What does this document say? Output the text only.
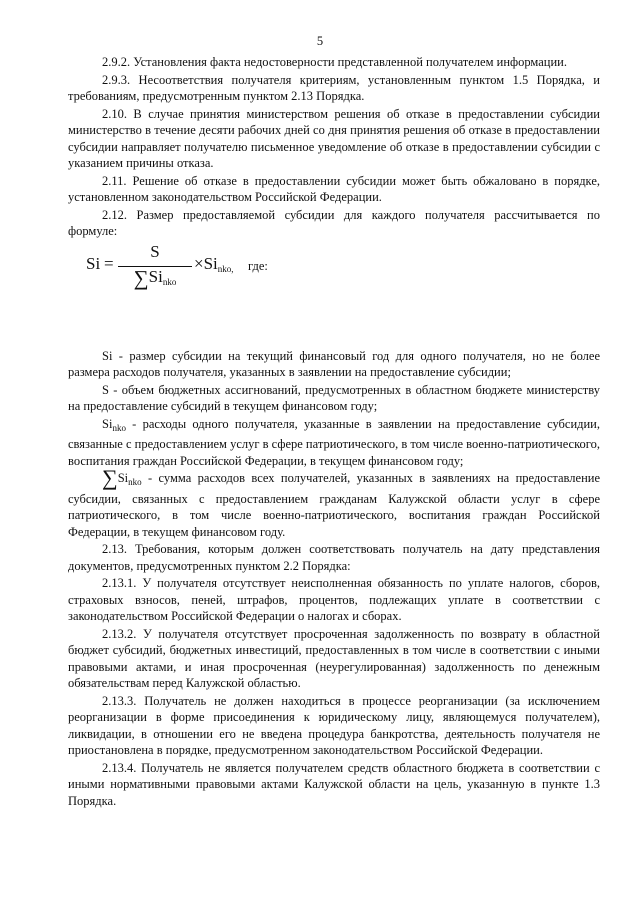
5

2.9.2. Установления факта недостоверности представленной получателем информации.

2.9.3. Несоответствия получателя критериям, установленным пунктом 1.5 Порядка, и требованиям, предусмотренным пунктом 2.13 Порядка.

2.10. В случае принятия министерством решения об отказе в предоставлении субсидии министерство в течение десяти рабочих дней со дня принятия решения об отказе в предоставлении субсидии направляет получателю письменное уведомление об отказе в предоставлении субсидии с указанием причины отказа.

2.11. Решение об отказе в предоставлении субсидии может быть обжаловано в порядке, установленном законодательством Российской Федерации.

2.12. Размер предоставляемой субсидии для каждого получателя рассчитывается по формуле:

Si =
S
$\sum Si_{nko}$
$\times Si_{nko,}$ где:

Si - размер субсидии на текущий финансовый год для одного получателя, но не более размера расходов получателя, указанных в заявлении на предоставление субсидии;

S - объем бюджетных ассигнований, предусмотренных в областном бюджете министерству на предоставление субсидий в текущем финансовом году;

$Si_{nko}$ - расходы одного получателя, указанные в заявлении на предоставление субсидии, связанные с предоставлением услуг в сфере патриотического, в том числе военно-патриотического, воспитания граждан Российской Федерации, в текущем финансовом году;

$\sum Si_{nko}$ - сумма расходов всех получателей, указанных в заявлениях на предоставление субсидии, связанных с предоставлением гражданам Калужской области услуг в сфере патриотического, в том числе военно-патриотического, воспитания граждан Российской Федерации, в текущем финансовом году.

2.13. Требования, которым должен соответствовать получатель на дату представления документов, предусмотренных пунктом 2.2 Порядка:

2.13.1. У получателя отсутствует неисполненная обязанность по уплате налогов, сборов, страховых взносов, пеней, штрафов, процентов, подлежащих уплате в соответствии с законодательством Российской Федерации о налогах и сборах.

2.13.2. У получателя отсутствует просроченная задолженность по возврату в областной бюджет субсидий, бюджетных инвестиций, предоставленных в том числе в соответствии с иными правовыми актами, и иная просроченная (неурегулированная) задолженность по денежным обязательствам перед Калужской областью.

2.13.3. Получатель не должен находиться в процессе реорганизации (за исключением реорганизации в форме присоединения к юридическому лицу, являющемуся получателем), ликвидации, в отношении его не введена процедура банкротства, деятельность получателя не приостановлена в порядке, предусмотренном законодательством Российской Федерации.

2.13.4. Получатель не является получателем средств областного бюджета в соответствии с иными нормативными правовыми актами Калужской области на цель, указанную в пункте 1.3 Порядка.
